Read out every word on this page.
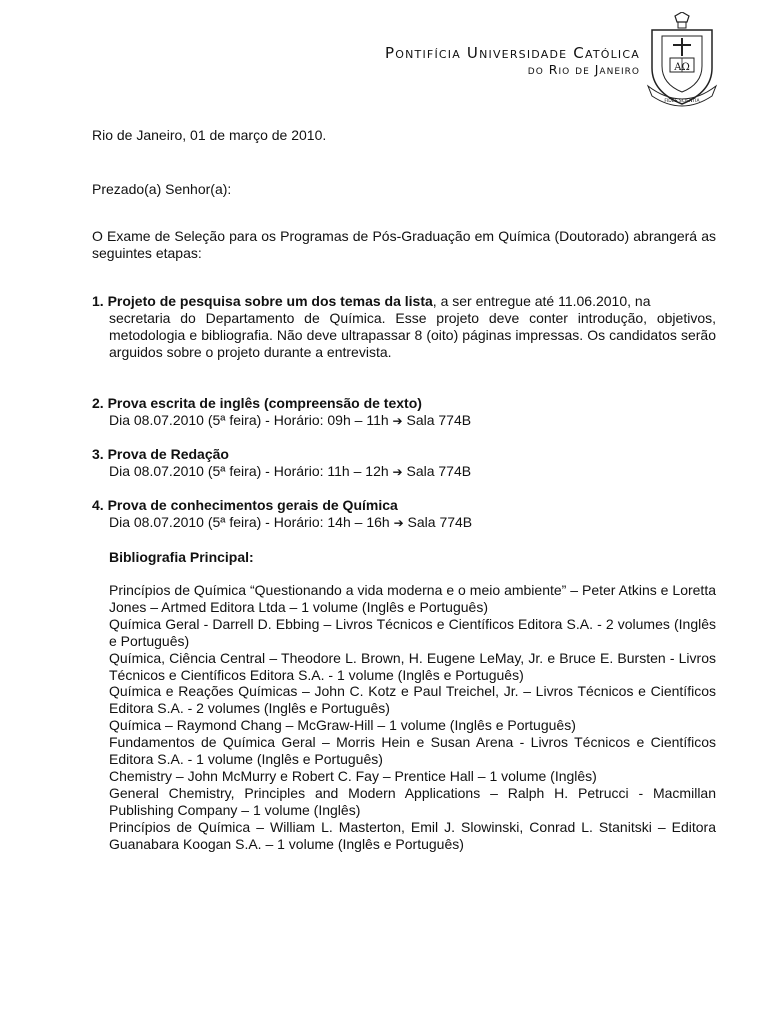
Pontifícia Universidade Católica
do Rio de Janeiro	AΩ
FIDES SCIENTIA
Rio de Janeiro, 01 de março de 2010.
Prezado(a) Senhor(a):
O Exame de Seleção para os Programas de Pós-Graduação em Química (Doutorado) abrangerá as seguintes etapas:
1. Projeto de pesquisa sobre um dos temas da lista, a ser entregue até 11.06.2010, na
secretaria do Departamento de Química. Esse projeto deve conter introdução, objetivos, metodologia e bibliografia. Não deve ultrapassar 8 (oito) páginas impressas. Os candidatos serão arguidos sobre o projeto durante a entrevista.
2. Prova escrita de inglês (compreensão de texto)
Dia 08.07.2010 (5ª feira) - Horário: 09h – 11h ➔ Sala 774B
3. Prova de Redação
Dia 08.07.2010 (5ª feira) - Horário: 11h – 12h ➔ Sala 774B
4. Prova de conhecimentos gerais de Química
Dia 08.07.2010 (5ª feira) - Horário: 14h – 16h ➔ Sala 774B
Bibliografia Principal:

Princípios de Química “Questionando a vida moderna e o meio ambiente” – Peter Atkins e Loretta Jones – Artmed Editora Ltda – 1 volume (Inglês e Português)

Química Geral - Darrell D. Ebbing – Livros Técnicos e Científicos Editora S.A. - 2 volumes (Inglês e Português)

Química, Ciência Central – Theodore L. Brown, H. Eugene LeMay, Jr. e Bruce E. Bursten - Livros Técnicos e Científicos Editora S.A. - 1 volume (Inglês e Português)

Química e Reações Químicas – John C. Kotz e Paul Treichel, Jr. – Livros Técnicos e Científicos Editora S.A. - 2 volumes (Inglês e Português)

Química – Raymond Chang – McGraw-Hill – 1 volume (Inglês e Português)

Fundamentos de Química Geral – Morris Hein e Susan Arena - Livros Técnicos e Científicos Editora S.A. - 1 volume (Inglês e Português)

Chemistry – John McMurry e Robert C. Fay – Prentice Hall – 1 volume (Inglês)

General Chemistry, Principles and Modern Applications – Ralph H. Petrucci - Macmillan Publishing Company – 1 volume (Inglês)

Princípios de Química – William L. Masterton, Emil J. Slowinski, Conrad L. Stanitski – Editora Guanabara Koogan S.A. – 1 volume (Inglês e Português)
